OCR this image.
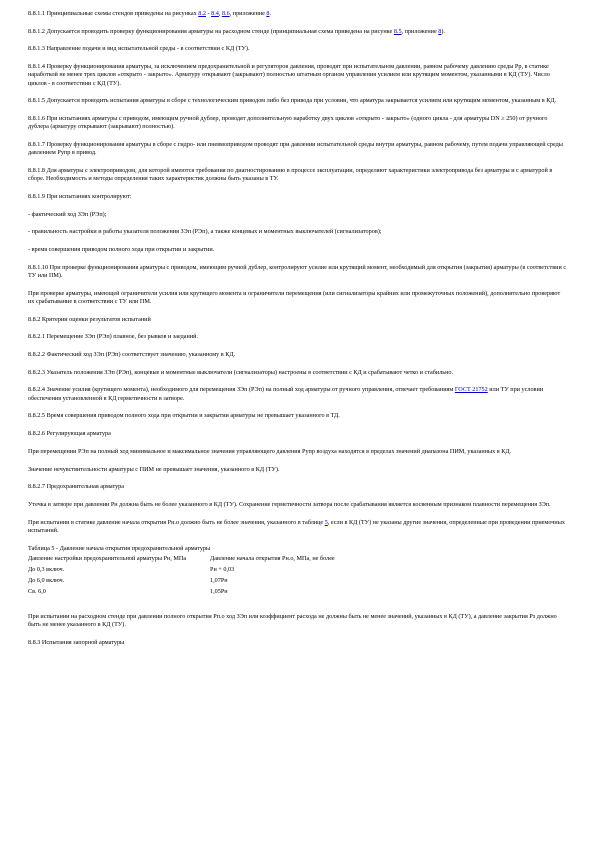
8.8.1.1 Принципиальные схемы стендов приведены на рисунках 8.2 - 8.4, 8.6, приложение 8.

8.8.1.2 Допускается проводить проверку функционирования арматуры на расходном стенде (принципиальная схема приведена на рисунке 8.5, приложение 8).

8.8.1.3 Направление подачи и вид испытательной среды - в соответствии с КД (ТУ).

8.8.1.4 Проверку функционирования арматуры, за исключением предохранительной и регуляторов давления, проводят при испытательном давлении, равном рабочему давлению среды Рр, в статике наработкой не менее трех циклов «открыто - закрыто». Арматуру открывают (закрывают) полностью штатным органом управления усилием или крутящим моментом, указанными в КД (ТУ). Число циклов - в соответствии с КД (ТУ).

8.8.1.5 Допускается проводить испытания арматуры в сборе с технологическим приводом либо без привода при условии, что арматура закрывается усилием или крутящим моментом, указанным в КД.

8.8.1.6 При испытаниях арматуры с приводом, имеющим ручной дублер, проводят дополнительную наработку двух циклов «открыто - закрыто» (одного цикла - для арматуры DN ≥ 250) от ручного дублера (арматуру открывают (закрывают) полностью).

8.8.1.7 Проверку функционирования арматуры в сборе с гидро- или пневмоприводом проводят при давлении испытательной среды внутри арматуры, равном рабочему, путем подачи управляющей среды давлением Рупр в привод.

8.8.1.8 Для арматуры с электроприводом, для которой имеются требования по диагностированию в процессе эксплуатации, определяют характеристики электропривода без арматуры и с арматурой в сборе. Необходимость и методы определения таких характеристик должны быть указаны в ТУ.

8.8.1.9 При испытаниях контролируют:

- фактический ход ЗЭп (РЭп);

- правильность настройки и работы указателя положения ЗЭп (РЭп), а также концевых и моментных выключателей (сигнализаторов);

- время совершения приводом полного хода при открытии и закрытии.

8.8.1.10 При проверке функционирования арматуры с приводом, имеющим ручной дублер, контролируют усилие или крутящий момент, необходимый для открытия (закрытия) арматуры (в соответствии с ТУ или ПМ).

При проверке арматуры, имеющей ограничители усилия или крутящего момента и ограничители перемещения (или сигнализаторы крайних или промежуточных положений), дополнительно проверяют их срабатывание в соответствии с ТУ или ПМ.

8.8.2 Критерии оценки результатов испытаний

8.8.2.1 Перемещение ЗЭп (РЭп) плавное, без рывков и заеданий.

8.8.2.2 Фактический ход ЗЭп (РЭп) соответствует значению, указанному в КД.

8.8.2.3 Указатель положения ЗЭп (РЭп), концевые и моментные выключатели (сигнализаторы) настроены в соответствии с КД и срабатывают четко и стабильно.

8.8.2.4 Значение усилия (крутящего момента), необходимого для перемещения ЗЭп (РЭп) на полный ход арматуры от ручного управления, отвечает требованиям ГОСТ 21752 или ТУ при условии обеспечения установленной в КД герметичности в затворе.

8.8.2.5 Время совершения приводом полного хода при открытии и закрытии арматуры не превышает указанного в ТД.

8.8.2.6 Регулирующая арматура

При перемещении РЭп на полный ход минимальное и максимальное значения управляющего давления Рупр воздуха находятся в пределах значений диапазона ПИМ, указанных в КД.

Значение нечувствительности арматуры с ПИМ не превышает значения, указанного в КД (ТУ).

8.8.2.7 Предохранительная арматура

Утечка в затворе при давлении Рн должна быть не более указанного в КД (ТУ). Сохранение герметичности затвора после срабатывания является косвенным признаком плавности перемещения ЗЭп.

При испытании в статике давление начала открытия Рн.о должно быть не более значения, указанного в таблице 5, если в КД (ТУ) не указаны другие значения, определенные при проведении приемочных испытаний.

Таблица 5 - Давление начала открытия предохранительной арматуры

Давление настройки предохранительной арматуры Рн, МПа	Давление начала открытия Рн.о, МПа, не более
До 0,3 включ.	Рн + 0,03
До 6,0 включ.	1,07Рн
Св. 6,0	1,05Рн

При испытании на расходном стенде при давлении полного открытия Рп.о ход ЗЭп или коэффициент расхода не должны быть не менее значений, указанных в КД (ТУ), а давление закрытия Рз должно быть не менее указанного в КД (ТУ).

8.8.3 Испытания запорной арматуры
